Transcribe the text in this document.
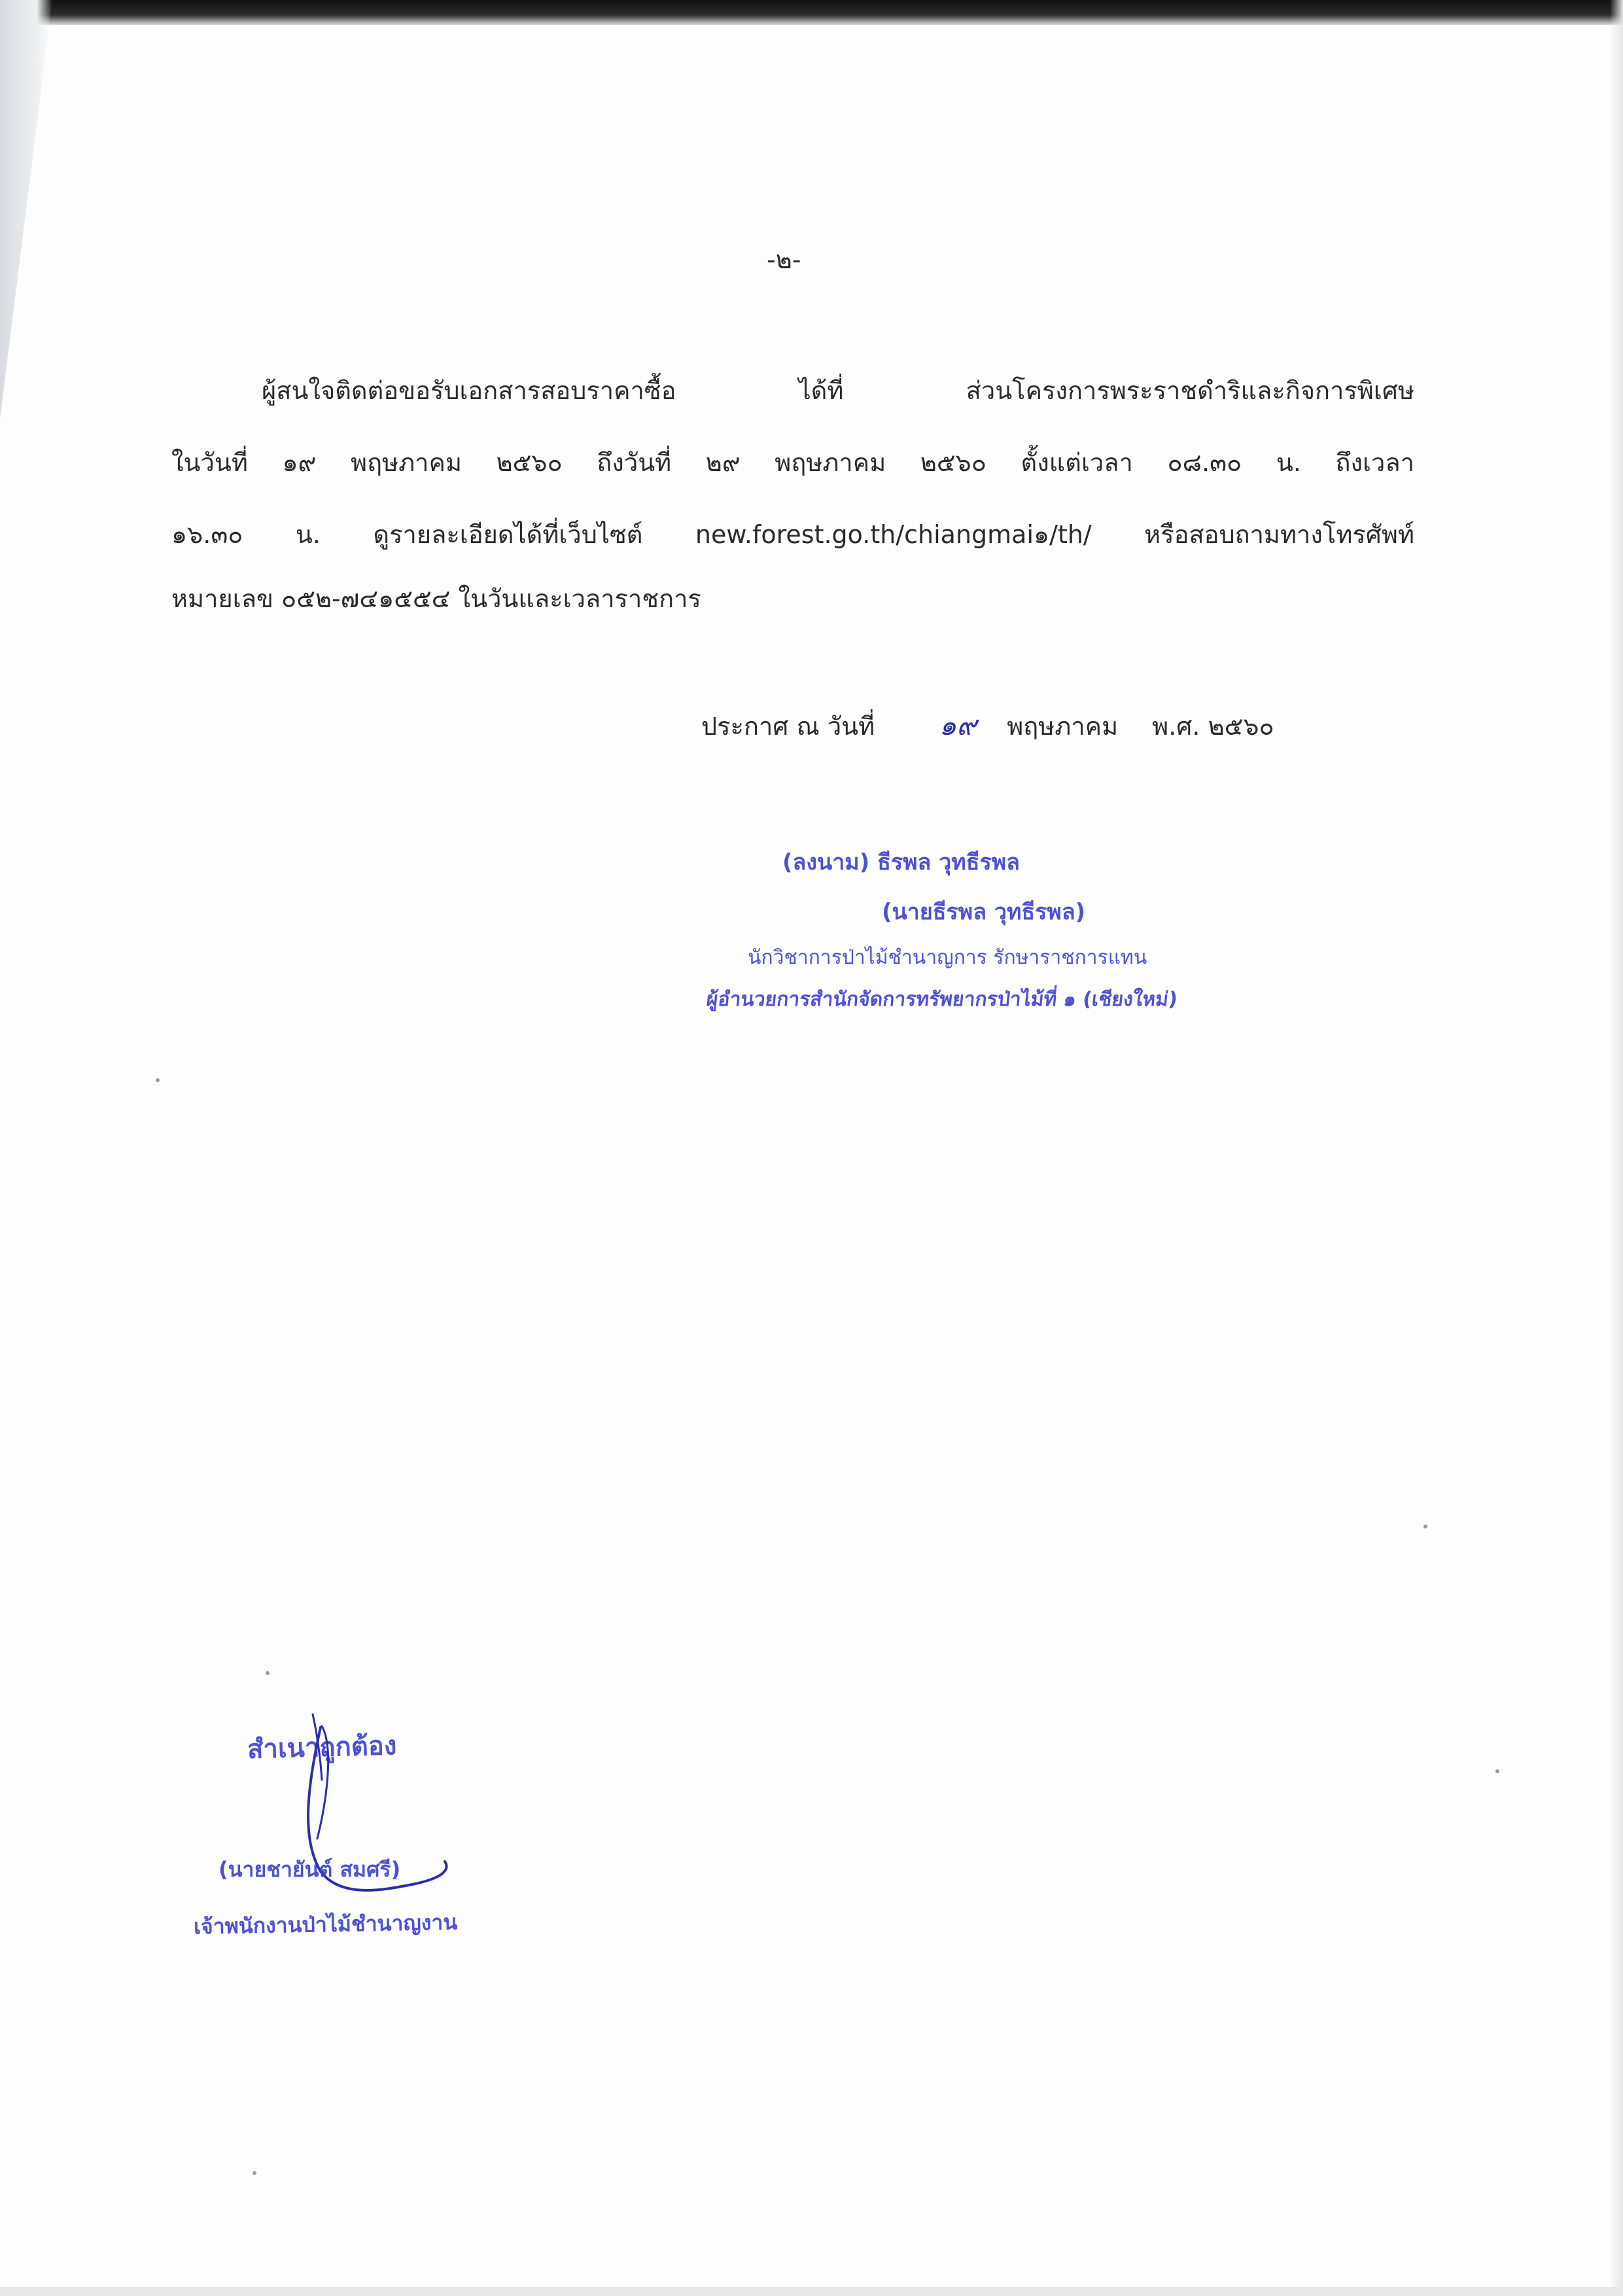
-๒-
ผู้สนใจติดต่อขอรับเอกสารสอบราคาซื้อ ได้ที่ ส่วนโครงการพระราชดำริและกิจการพิเศษ
ในวันที่ ๑๙ พฤษภาคม ๒๕๖๐ ถึงวันที่ ๒๙ พฤษภาคม ๒๕๖๐ ตั้งแต่เวลา ๐๘.๓๐ น. ถึงเวลา
๑๖.๓๐ น. ดูรายละเอียดได้ที่เว็บไซต์ new.forest.go.th/chiangmai๑/th/ หรือสอบถามทางโทรศัพท์
หมายเลข ๐๕๒-๗๔๑๕๕๔ ในวันและเวลาราชการ
ประกาศ ณ วันที่ ๑๙ พฤษภาคม พ.ศ. ๒๕๖๐
(ลงนาม) ธีรพล วุทธีรพล
(นายธีรพล วุทธีรพล)
นักวิชาการป่าไม้ชำนาญการ รักษาราชการแทน
ผู้อำนวยการสำนักจัดการทรัพยากรป่าไม้ที่ ๑ (เชียงใหม่)
สำเนาถูกต้อง
(นายชายันต์ สมศรี)
เจ้าพนักงานป่าไม้ชำนาญงาน
